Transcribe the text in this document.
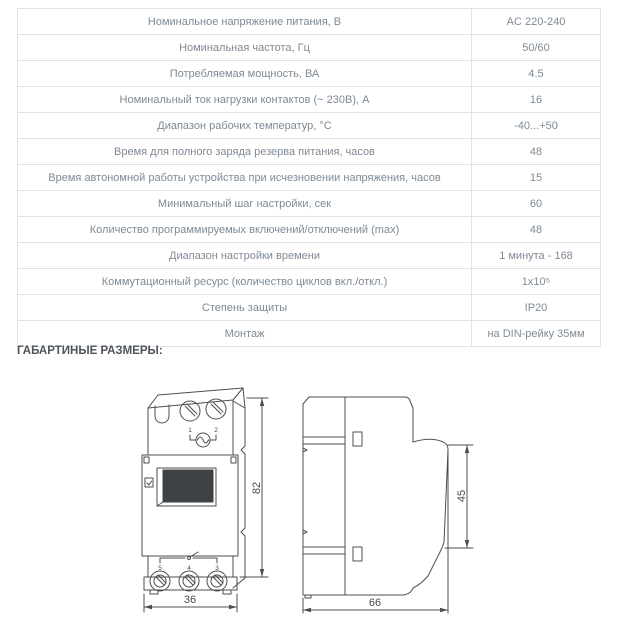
Номинальное напряжение питания, В	AC 220-240
Номинальная частота, Гц	50/60
Потребляемая мощность, ВА	4.5
Номинальный ток нагрузки контактов (~ 230В), А	16
Диапазон рабочих температур, °С	-40...+50
Время для полного заряда резерва питания, часов	48
Время автономной работы устройства при исчезновении напряжения, часов	15
Минимальный шаг настройки, сек	60
Количество программируемых включений/отключений (max)	48
Диапазон настройки времени	1 минута - 168
Коммутационный ресурс (количество циклов вкл./откл.)	1x10⁵
Степень защиты	IP20
Монтаж	на DIN-рейку 35мм
ГАБАРТИНЫЕ РАЗМЕРЫ:
1	2
5	4	3
36
82
66
45
